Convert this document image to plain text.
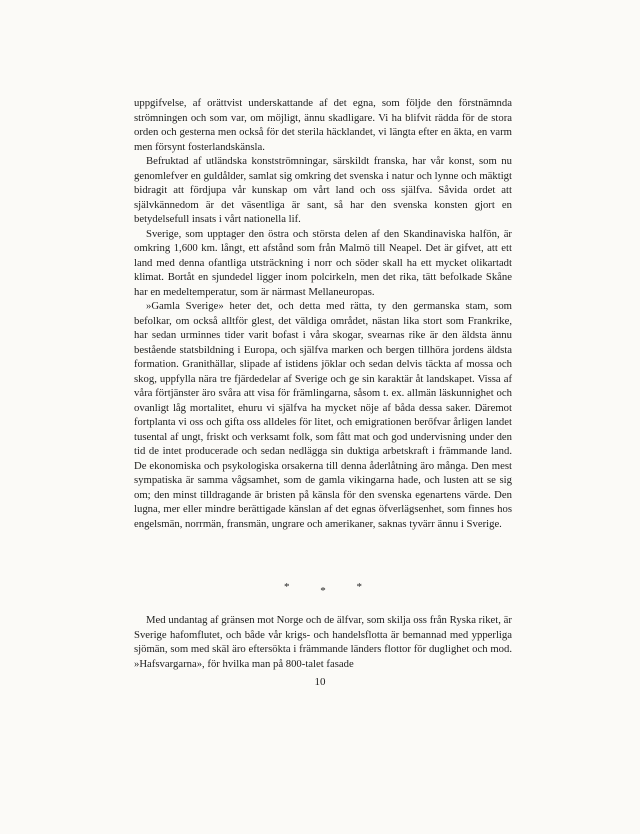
uppgifvelse, af orättvist underskattande af det egna, som följde den förstnämnda strömningen och som var, om möjligt, ännu skadligare. Vi ha blifvit rädda för de stora orden och gesterna men också för det sterila häcklandet, vi längta efter en äkta, en varm men försynt fosterlandskänsla.

Befruktad af utländska konstströmningar, särskildt franska, har vår konst, som nu genomlefver en guldålder, samlat sig omkring det svenska i natur och lynne och mäktigt bidragit att fördjupa vår kunskap om vårt land och oss själfva. Såvida ordet att självkännedom är det väsentliga är sant, så har den svenska konsten gjort en betydelsefull insats i vårt nationella lif.

Sverige, som upptager den östra och största delen af den Skandinaviska halfön, är omkring 1,600 km. långt, ett afstånd som från Malmö till Neapel. Det är gifvet, att ett land med denna ofantliga utsträckning i norr och söder skall ha ett mycket olikartadt klimat. Bortåt en sjundedel ligger inom polcirkeln, men det rika, tätt befolkade Skåne har en medeltemperatur, som är närmast Mellaneuropas.

»Gamla Sverige» heter det, och detta med rätta, ty den germanska stam, som befolkar, om också alltför glest, det väldiga området, nästan lika stort som Frankrike, har sedan urminnes tider varit bofast i våra skogar, svearnas rike är den äldsta ännu bestående statsbildning i Europa, och själfva marken och bergen tillhöra jordens äldsta formation. Granithällar, slipade af istidens jöklar och sedan delvis täckta af mossa och skog, uppfylla nära tre fjärdedelar af Sverige och ge sin karaktär åt landskapet. Vissa af våra förtjänster äro svåra att visa för främlingarna, såsom t. ex. allmän läskunnighet och ovanligt låg mortalitet, ehuru vi själfva ha mycket nöje af båda dessa saker. Däremot fortplanta vi oss och gifta oss alldeles för litet, och emigrationen berőfvar årligen landet tusental af ungt, friskt och verksamt folk, som fått mat och god undervisning under den tid de intet producerade och sedan nedlägga sin duktiga arbetskraft i främmande land. De ekonomiska och psykologiska orsakerna till denna åderlåtning äro många. Den mest sympatiska är samma vågsamhet, som de gamla vikingarna hade, och lusten att se sig om; den minst tilldragande är bristen på känsla för den svenska egenartens värde. Den lugna, mer eller mindre berättigade känslan af det egnas öfverlägsenhet, som finnes hos engelsmän, norrmän, fransmän, ungrare och amerikaner, saknas tyvärr ännu i Sverige.

*	*	*

Med undantag af gränsen mot Norge och de älfvar, som skilja oss från Ryska riket, är Sverige hafomflutet, och både vår krigs- och handelsflotta är bemannad med ypperliga sjömän, som med skäl äro eftersökta i främmande länders flottor för duglighet och mod. »Hafsvargarna», för hvilka man på 800-talet fasade

10
